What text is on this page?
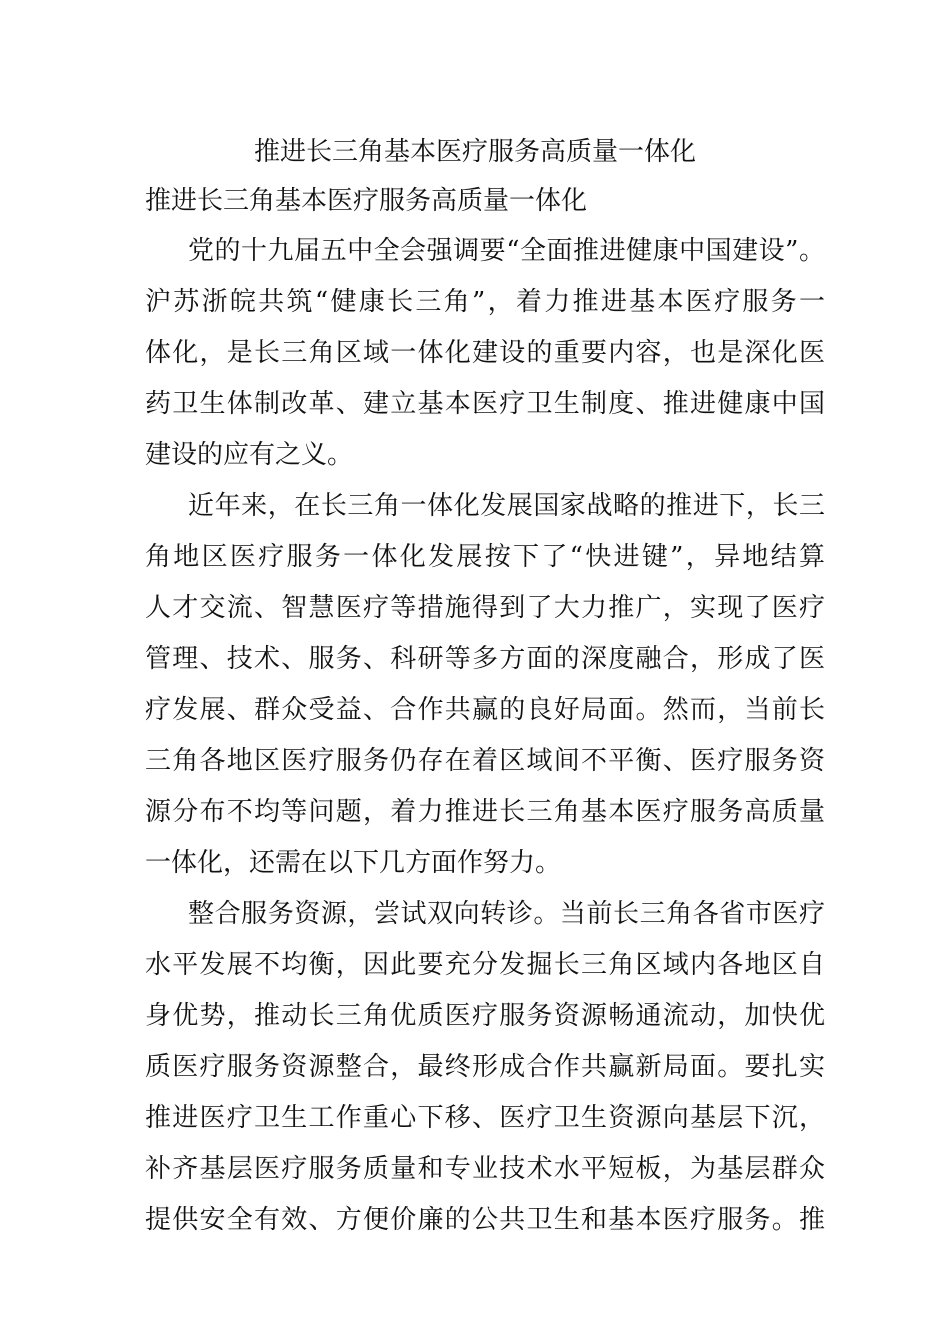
推进长三角基本医疗服务高质量一体化
推进长三角基本医疗服务高质量一体化
党的十九届五中全会强调要“全面推进健康中国建设”。
沪苏浙皖共筑“健康长三角”，着力推进基本医疗服务一
体化，是长三角区域一体化建设的重要内容，也是深化医
药卫生体制改革、建立基本医疗卫生制度、推进健康中国
建设的应有之义。
近年来，在长三角一体化发展国家战略的推进下，长三
角地区医疗服务一体化发展按下了“快进键”，异地结算
人才交流、智慧医疗等措施得到了大力推广，实现了医疗
管理、技术、服务、科研等多方面的深度融合，形成了医
疗发展、群众受益、合作共赢的良好局面。然而，当前长
三角各地区医疗服务仍存在着区域间不平衡、医疗服务资
源分布不均等问题，着力推进长三角基本医疗服务高质量
一体化，还需在以下几方面作努力。
整合服务资源，尝试双向转诊。当前长三角各省市医疗
水平发展不均衡，因此要充分发掘长三角区域内各地区自
身优势，推动长三角优质医疗服务资源畅通流动，加快优
质医疗服务资源整合，最终形成合作共赢新局面。要扎实
推进医疗卫生工作重心下移、医疗卫生资源向基层下沉，
补齐基层医疗服务质量和专业技术水平短板，为基层群众
提供安全有效、方便价廉的公共卫生和基本医疗服务。推
